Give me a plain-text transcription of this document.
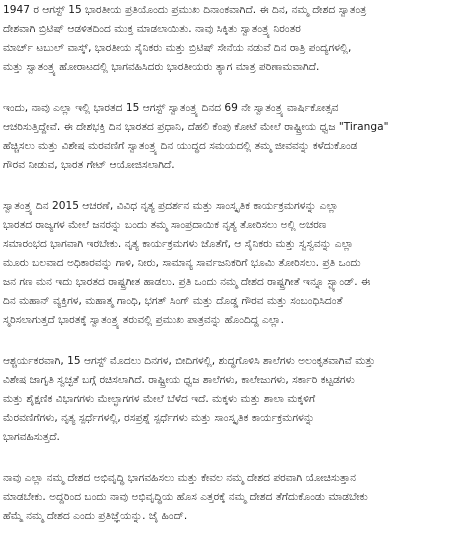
1947 ರ ಆಗಸ್ಟ್ 15 ಭಾರತೀಯ ಪ್ರತಿಯೊಂದು ಪ್ರಮುಖ ದಿನಾಂಕವಾಗಿದೆ. ಈ ದಿನ, ನಮ್ಮ ದೇಶದ ಸ್ವಾತಂತ್ರ
ದೇಶವಾಗಿ ಬ್ರಿಟಿಷ್ ಆಡಳಿತದಿಂದ ಮುಕ್ತ ಮಾಡಲಾಯಿತು. ನಾವು ಸಿಕ್ಕಿತು ಸ್ವಾತಂತ್ರ್ಯ ನಿರಂತರ
ಮಾರ್ಚ್ ಟಬುಲ್ ವಾಸ್ಕ್, ಭಾರತೀಯ ಸೈನಿಕರು ಮತ್ತು ಬ್ರಿಟಿಷ್ ಸೇನೆಯ ನಡುವೆ ದಿನ ರಾತ್ರಿ ಪಂದ್ಯಗಳಲ್ಲಿ,
ಮತ್ತು ಸ್ವಾತಂತ್ರ್ಯ ಹೋರಾಟದಲ್ಲಿ ಭಾಗವಹಿಸಿದರು ಭಾರತೀಯರು ತ್ಯಾಗ ಮಾತ್ರ ಪರಿಣಾಮವಾಗಿದೆ.
ಇಂದು, ನಾವು ಎಲ್ಲಾ ಇಲ್ಲಿ ಭಾರತದ 15 ಆಗಸ್ಟ್ ಸ್ವಾತಂತ್ರ್ಯ ದಿನದ 69 ನೇ ಸ್ವಾತಂತ್ರ್ಯ ವಾರ್ಷಿಕೋತ್ಸವ
ಆಚರಿಸುತ್ತಿದ್ದೇವೆ. ಈ ದೇಶಭಕ್ತಿ ದಿನ ಭಾರತದ ಪ್ರಧಾನಿ, ದೆಹಲಿ ಕೆಂಪು ಕೋಟೆ ಮೇಲೆ ರಾಷ್ಟ್ರೀಯ ಧ್ವಜ "Tiranga"
ಹೆಚ್ಚಿಸಲು ಮತ್ತು ವಿಶೇಷ ಮರವಣಿಗೆ ಸ್ವಾತಂತ್ರ್ಯ ದಿನ ಯುದ್ಧದ ಸಮಯದಲ್ಲಿ ತಮ್ಮ ಜೀವವನ್ನು ಕಳೆದುಕೊಂಡ
ಗೌರವ ನೀಡುವ, ಭಾರತ ಗೇಟ್ ಆಯೋಜಿಸಲಾಗಿದೆ.
ಸ್ವಾತಂತ್ರ್ಯ ದಿನ 2015 ಆಚರಣೆ, ವಿವಿಧ ನೃತ್ಯ ಪ್ರದರ್ಶನ ಮತ್ತು ಸಾಂಸ್ಕೃತಿಕ ಕಾರ್ಯಕ್ರಮಗಳನ್ನು ಎಲ್ಲಾ
ಭಾರತದ ರಾಜ್ಯಗಳ ಮೇಲೆ ಜನರನ್ನು ಬಂದು ತಮ್ಮ ಸಾಂಪ್ರದಾಯಿಕ ನೃತ್ಯ ತೋರಿಸಲು ಅಲ್ಲಿ ಅಚರಣ
ಸಮಾರಂಭದ ಭಾಗವಾಗಿ ಇರಬೇಕು. ನೃತ್ಯ ಕಾರ್ಯಕ್ರಮಗಳು ಜೊತೆಗೆ, ಆ ಸೈನಿಕರು ಮತ್ತು ಸ್ವಸ್ವವನ್ನು ಎಲ್ಲಾ
ಮೂರು ಬಲವಾದ ಅಧಿಕಾರವನ್ನು ಗಾಳಿ, ನೀರು, ಸಾಮಾನ್ಯ ಸಾರ್ವಜನಿಕರಿಗೆ ಭೂಮಿ ತೋರಿಸಲು. ಪ್ರತಿ ಒಂದು
ಜನ ಗಣ ಮನ ಇದು ಭಾರತದ ರಾಷ್ಟ್ರಗೀತ ಹಾಡಲು. ಪ್ರತಿ ಒಂದು ನಮ್ಮ ದೇಶದ ರಾಷ್ಟ್ರಗೀತೆ ಇನ್ನೂ ಸ್ಟ್ಯಾಂಡ್. ಈ
ದಿನ ಮಹಾನ್ ವ್ಯಕ್ತಿಗಳ, ಮಹಾತ್ಮ ಗಾಂಧಿ, ಭಗತ್ ಸಿಂಗ್ ಮತ್ತು ದೊಡ್ಡ ಗೌರವ ಮತ್ತು ಸಂಬಂಧಿಸಿದಂತೆ
ಸ್ಮರಿಸಲಾಗುತ್ತದೆ ಭಾರತಕ್ಕೆ ಸ್ವಾತಂತ್ರ್ಯ ತರುವಲ್ಲಿ ಪ್ರಮುಖ ಪಾತ್ರವನ್ನು ಹೊಂದಿದ್ದ ಎಲ್ಲಾ.
ಆಶ್ಚರ್ಯಕರವಾಗಿ, 15 ಆಗಸ್ಟ್ ಮೊದಲು ದಿನಗಳ, ಬೀದಿಗಳಲ್ಲಿ, ಶುದ್ಧಗೊಳಿಸಿ ಶಾಲೆಗಳು ಅಲಂಕೃತವಾಗಿವೆ ಮತ್ತು
ವಿಶೇಷ ಜಾಗೃತಿ ಸ್ವಚ್ಛತೆ ಬಗ್ಗೆ ರಚಿಸಲಾಗಿದೆ. ರಾಷ್ಟ್ರೀಯ ಧ್ವಜ ಶಾಲೆಗಳು, ಕಾಲೇಜುಗಳು, ಸರ್ಕಾರಿ ಕಟ್ಟಡಗಳು
ಮತ್ತು ಶೈಕ್ಷಣಿಕ ವಿಭಾಗಗಳು ಮೇಲ್ಛಾಗಗಳ ಮೇಲೆ ಬೆಳೆದ ಇದೆ. ಮಕ್ಕಳು ಮತ್ತು ಶಾಲಾ ಮಕ್ಕಳಿಗೆ
ಮೆರವಣಿಗೆಗಳು, ನೃತ್ಯ ಸ್ಪರ್ಧೆಗಳಲ್ಲಿ, ರಸಪ್ರಶ್ನೆ ಸ್ಪರ್ಧೆಗಳು ಮತ್ತು ಸಾಂಸ್ಕೃತಿಕ ಕಾರ್ಯಕ್ರಮಗಳನ್ನು
ಭಾಗವಹಿಸುತ್ತದೆ.
ನಾವು ಎಲ್ಲಾ ನಮ್ಮ ದೇಶದ ಅಭಿವೃದ್ಧಿ ಭಾಗವಹಿಸಲು ಮತ್ತು ಕೇವಲ ನಮ್ಮ ದೇಶದ ಪರವಾಗಿ ಯೋಚಿಸುತ್ತಾನ
ಮಾಡಬೇಕು. ಅದ್ದರಿಂದ ಬಂದು ನಾವು ಅಭಿವೃದ್ಧಿಯ ಹೊಸ ಎತ್ತರಕ್ಕೆ ನಮ್ಮ ದೇಶದ ತೆಗೆದುಕೊಂಡು ಮಾಡಬೇಕು
ಹೆಮ್ಮೆ ನಮ್ಮ ದೇಶದ ಎಂದು ಪ್ರತಿಜ್ಞೆಯನ್ನು. ಜೈ ಹಿಂದ್.
